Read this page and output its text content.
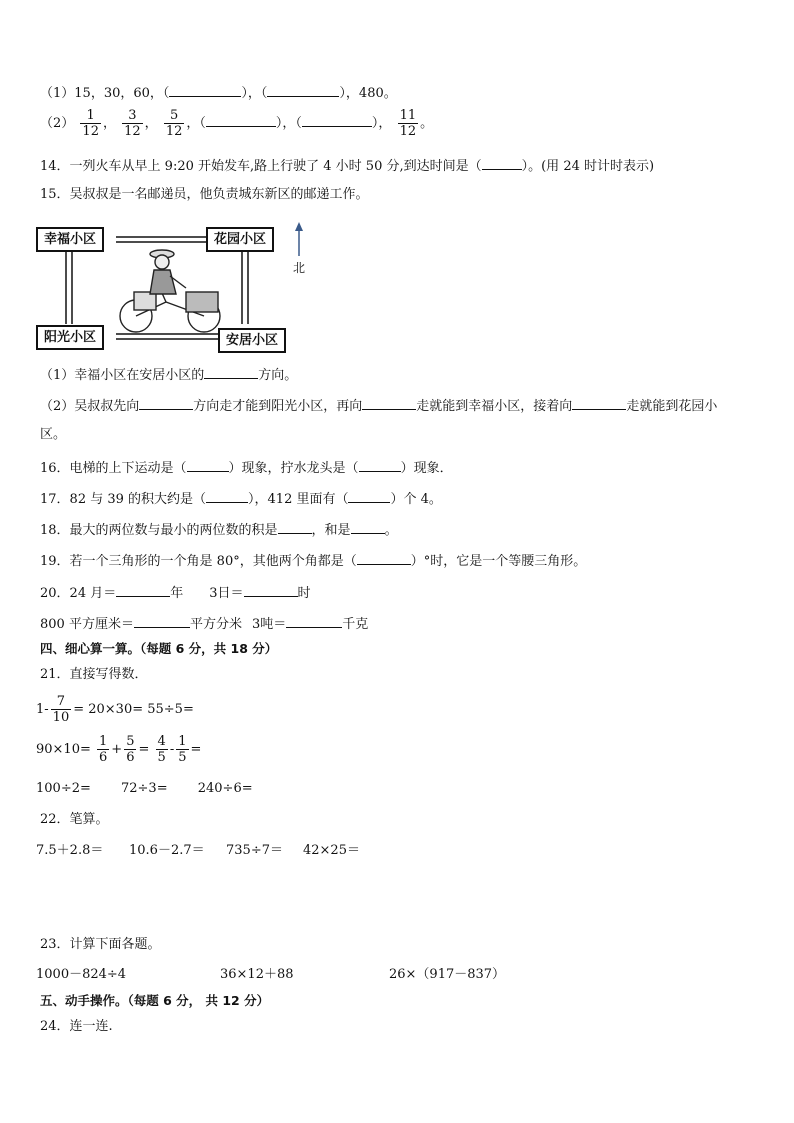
（1）15，30，60，（	），（	），480。
$(2) \frac{1}{12}$ ， $\frac{3}{12}$ ， $\frac{5}{12}$ ，（	），（	）， $\frac{11}{12}$ 。
14．一列火车从早上 9:20 开始发车,路上行驶了 4 小时 50 分,到达时间是（	）。(用 24 时计时表示)
15．吴叔叔是一名邮递员，他负责城东新区的邮递工作。
幸福小区	花园小区
阳光小区	安居小区
北
（1）幸福小区在安居小区的	方向。
（2）吴叔叔先向	方向走才能到阳光小区，再向	走就能到幸福小区，接着向	走就能到花园小
区。
16．电梯的上下运动是（	）现象，拧水龙头是（	）现象．
17．82 与 39 的积大约是（	），412 里面有（	）个 4。
18．最大的两位数与最小的两位数的积是	，和是	。
19．若一个三角形的一个角是 80°，其他两个角都是（	）°时，它是一个等腰三角形。
20．24 月＝	年 3日＝	时
800 平方厘米＝	平方分米 3吨＝	千克
四、细心算一算。（每题 6 分，共 18 分）
21．直接写得数．
$1- \frac{7}{10} = 20\times 30= 55\div 5=$
$90\times 10= \frac{1}{6} + \frac{5}{6} = \frac{4}{5} - \frac{1}{5}$ =
100÷2=　　 72÷3=　　 240÷6=
22．笔算。
7.5＋2.8＝ 10.6－2.7＝ 735÷7＝ 42×25＝
23．计算下面各题。
1000－824÷4	36×12＋88	26×（917－837）
五、动手操作。（每题 6 分， 共 12 分）
24．连一连.
